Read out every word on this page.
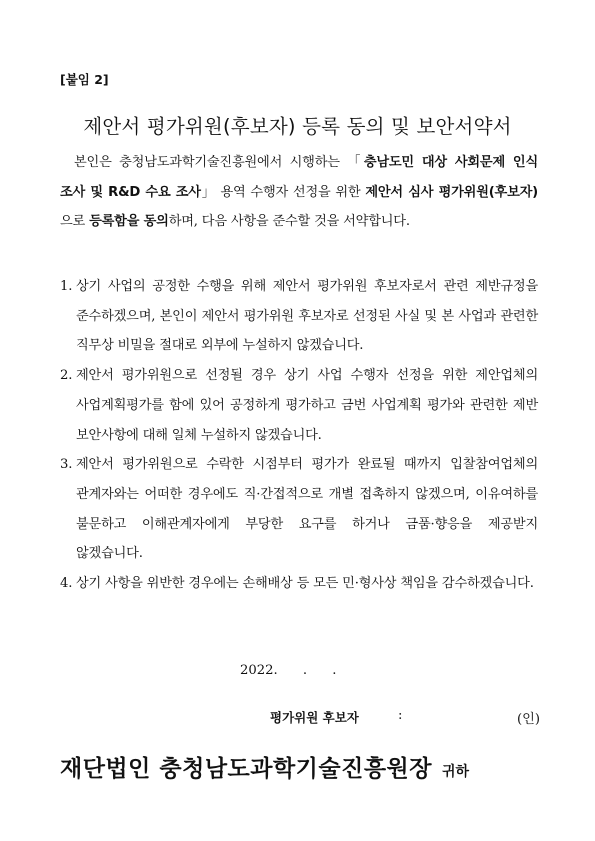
[붙임 2]
제안서 평가위원(후보자) 등록 동의 및 보안서약서

본인은 충청남도과학기술진흥원에서 시행하는 「충남도민 대상 사회문제 인식 조사 및 R&D 수요 조사」 용역 수행자 선정을 위한 제안서 심사 평가위원(후보자)으로 등록함을 동의하며, 다음 사항을 준수할 것을 서약합니다.

1. 상기 사업의 공정한 수행을 위해 제안서 평가위원 후보자로서 관련 제반규정을 준수하겠으며, 본인이 제안서 평가위원 후보자로 선정된 사실 및 본 사업과 관련한 직무상 비밀을 절대로 외부에 누설하지 않겠습니다.
2. 제안서 평가위원으로 선정될 경우 상기 사업 수행자 선정을 위한 제안업체의 사업계획평가를 함에 있어 공정하게 평가하고 금번 사업계획 평가와 관련한 제반 보안사항에 대해 일체 누설하지 않겠습니다.
3. 제안서 평가위원으로 수락한 시점부터 평가가 완료될 때까지 입찰참여업체의 관계자와는 어떠한 경우에도 직·간접적으로 개별 접촉하지 않겠으며, 이유여하를 불문하고 이해관계자에게 부당한 요구를 하거나 금품·향응을 제공받지 않겠습니다.
4. 상기 사항을 위반한 경우에는 손해배상 등 모든 민·형사상 책임을 감수하겠습니다.
2022.      .      .
평가위원 후보자	:	(인)
재단법인 충청남도과학기술진흥원장 귀하
